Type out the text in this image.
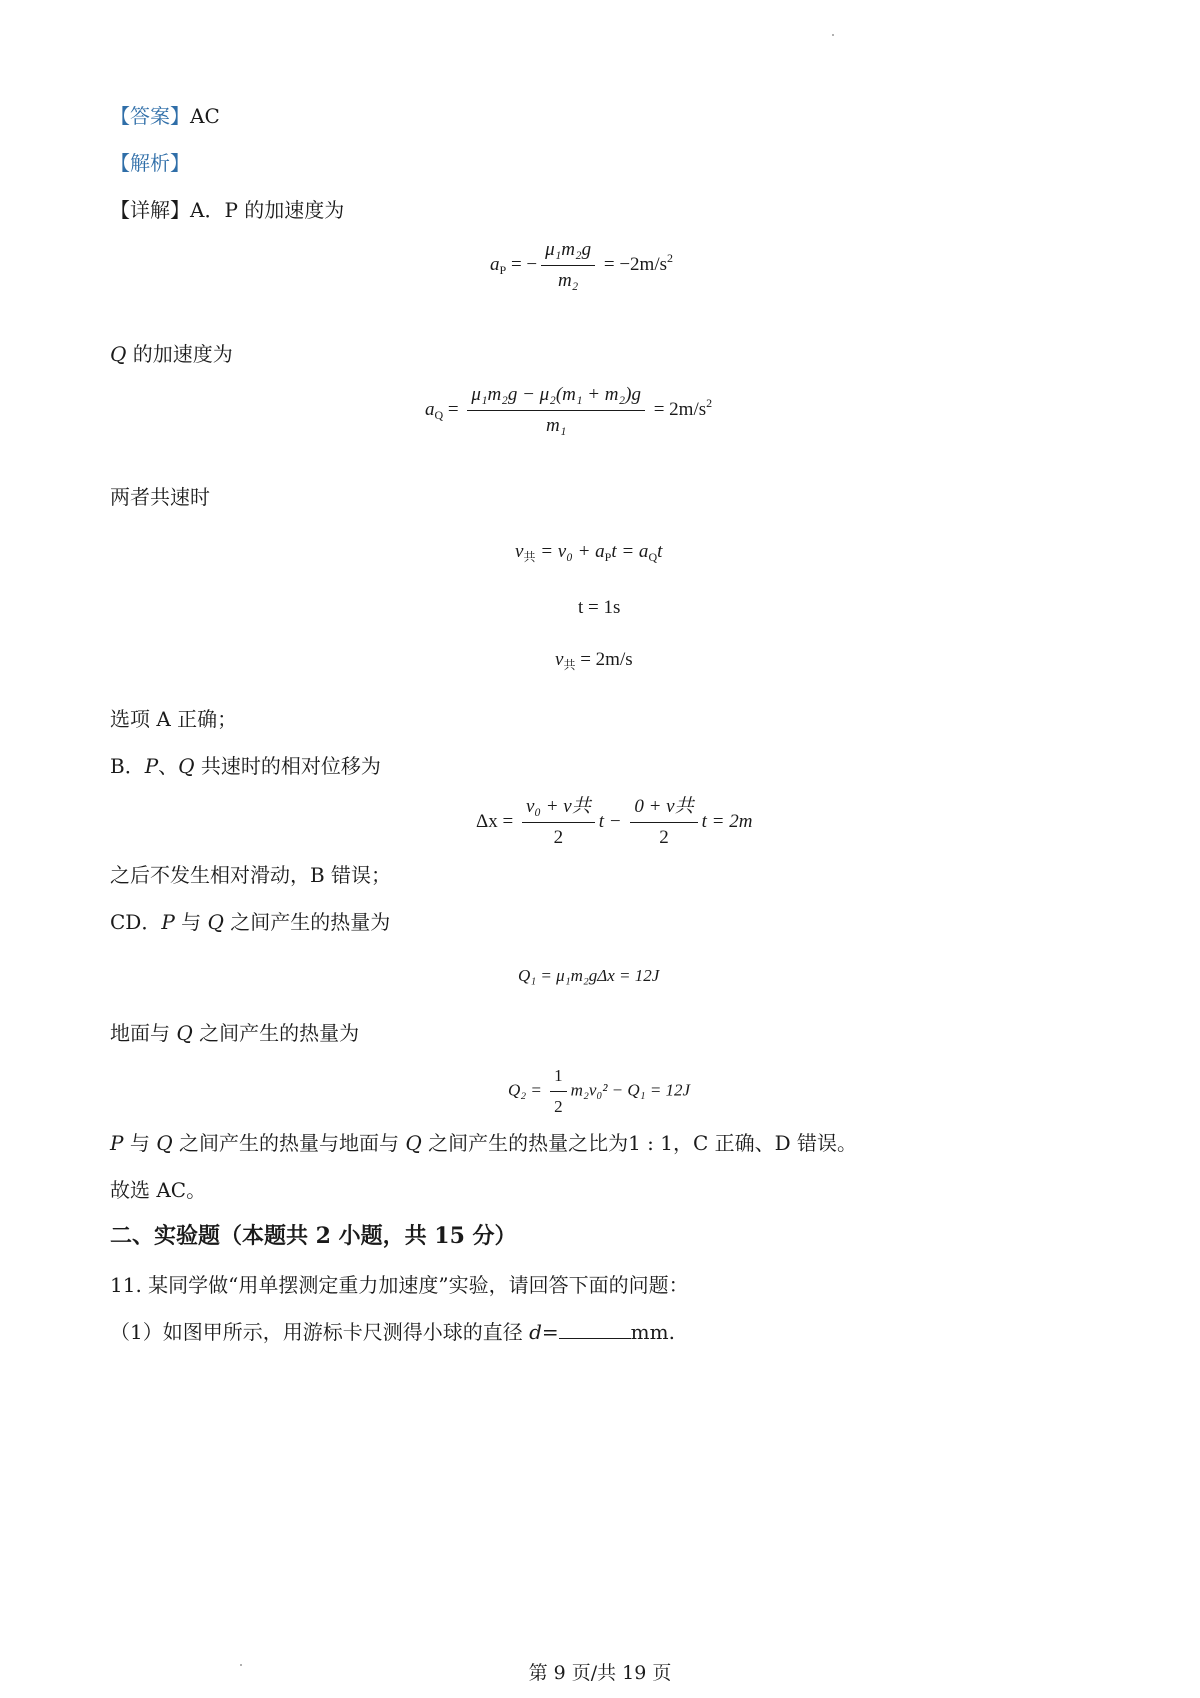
【答案】AC
【解析】
【详解】A．P 的加速度为
$a_P$ = − $\frac{\text{μ₁m₂g}}{\text{m₂}} = -2m/s^2$
Q 的加速度为
$a_Q = \frac{\text{μ₁m₂g − μ₂(m₁ + m₂)g}}{\text{m₁}} = 2m/s^2$
两者共速时
$v_共 = v_0 + a_Pt = a_Qt$
t = 1s
$v_共 = 2m/s$
选项 A 正确；
B．P、Q 共速时的相对位移为
$\Delta x = \frac{\text{v₀ + v共}}{2}$ $t - \frac{\text{0 + v共}}{2}$ t = 2m
之后不发生相对滑动，B 错误；
CD．P 与 Q 之间产生的热量为
Q₁ = μ₁m₂gΔx = 12J
地面与 Q 之间产生的热量为
$Q_2 = \frac{1}{2} m_2v_0^2 - Q_1 = 12J$
P 与 Q 之间产生的热量与地面与 Q 之间产生的热量之比为1 : 1，C 正确、D 错误。
故选 AC。
二、实验题（本题共 2 小题，共 15 分）
11. 某同学做“用单摆测定重力加速度”实验，请回答下面的问题：
（1）如图甲所示，用游标卡尺测得小球的直径 d=	mm.
第 9 页/共 19 页
